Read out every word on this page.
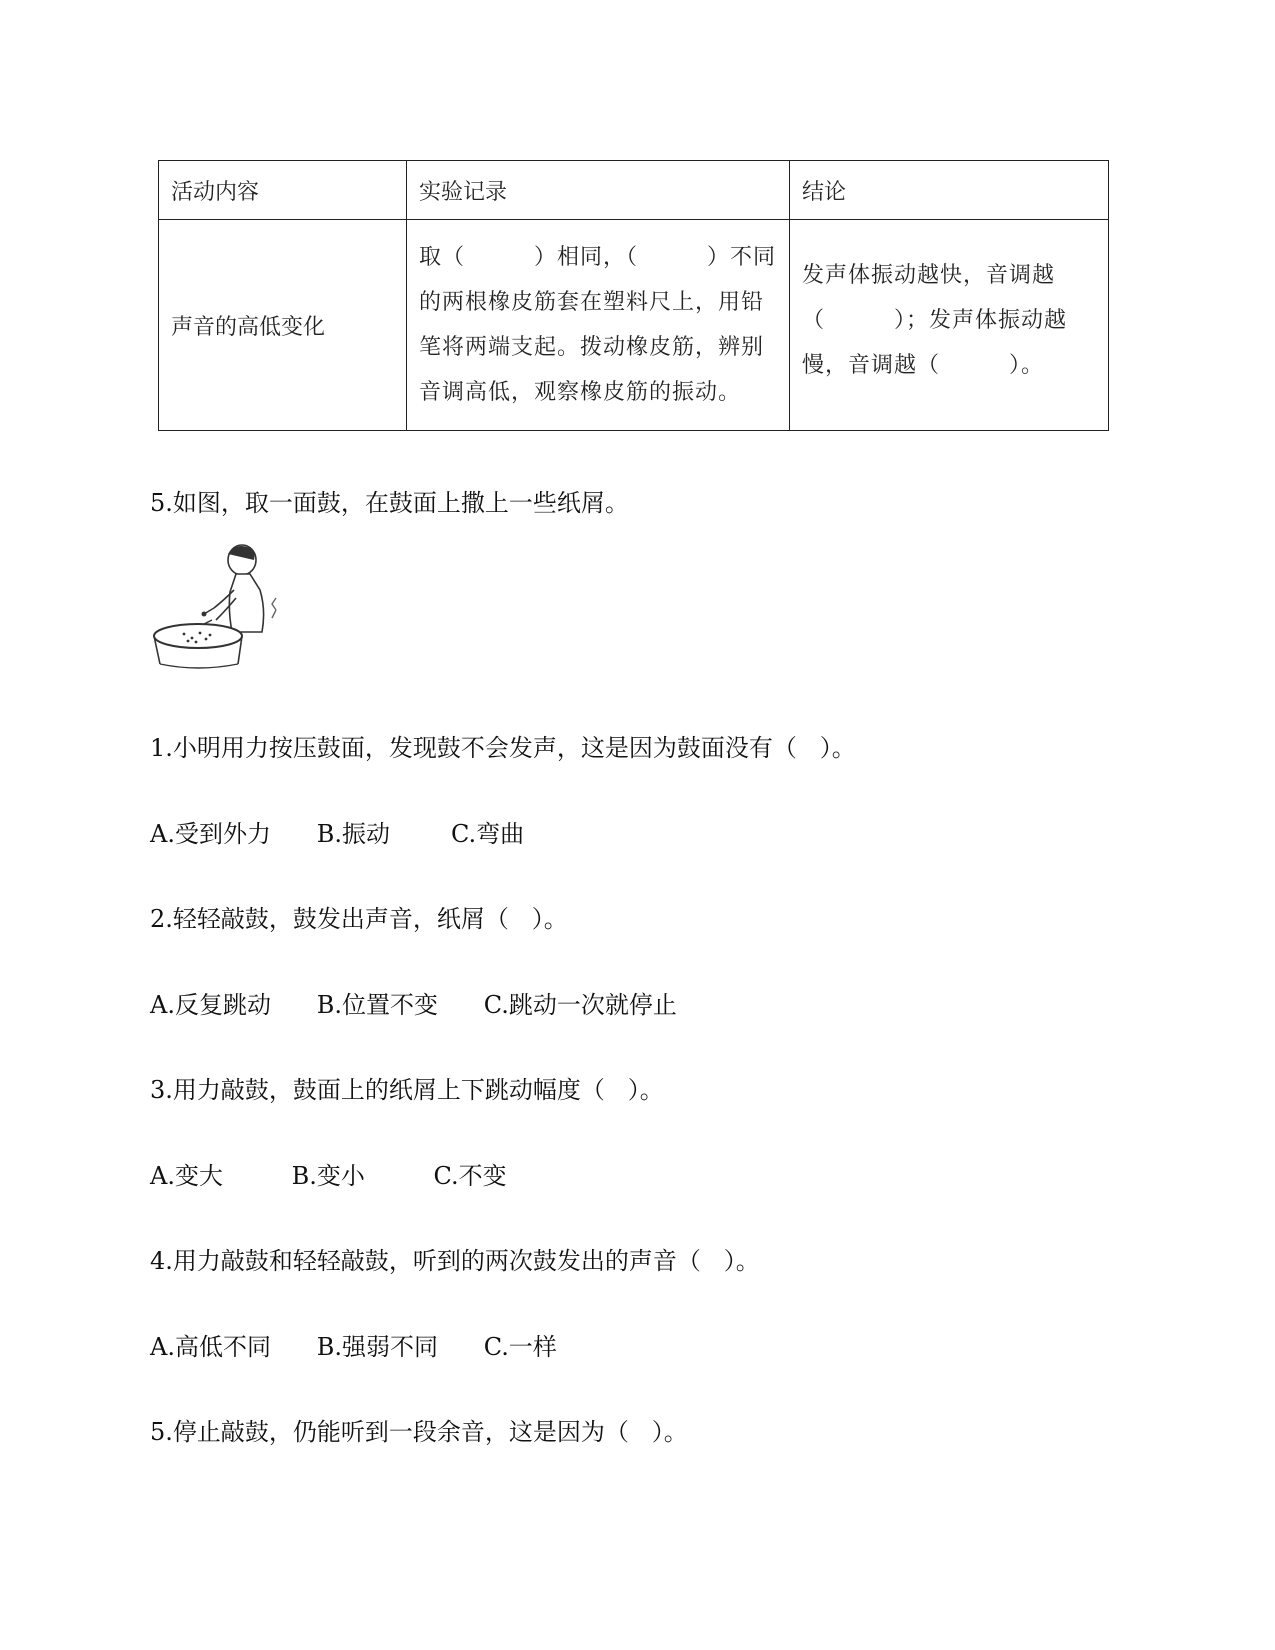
活动内容	实验记录	结论
声音的高低变化	取（　　　）相同，（　　　）不同的两根橡皮筋套在塑料尺上，用铅笔将两端支起。拨动橡皮筋，辨别音调高低，观察橡皮筋的振动。	发声体振动越快，音调越（　　　）；发声体振动越慢，音调越（　　　）。
5.如图，取一面鼓，在鼓面上撒上一些纸屑。
1.小明用力按压鼓面，发现鼓不会发声，这是因为鼓面没有（   ）。
A.受到外力      B.振动        C.弯曲
2.轻轻敲鼓，鼓发出声音，纸屑（   ）。
A.反复跳动      B.位置不变      C.跳动一次就停止
3.用力敲鼓，鼓面上的纸屑上下跳动幅度（   ）。
A.变大         B.变小         C.不变
4.用力敲鼓和轻轻敲鼓，听到的两次鼓发出的声音（   ）。
A.高低不同      B.强弱不同      C.一样
5.停止敲鼓，仍能听到一段余音，这是因为（   ）。
